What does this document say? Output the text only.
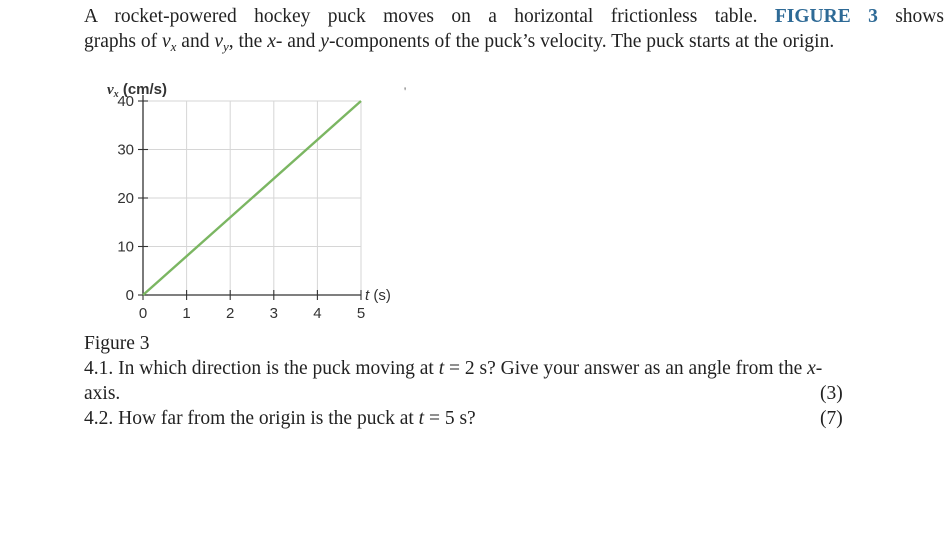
A rocket-powered hockey puck moves on a horizontal frictionless table. FIGURE 3 shows
graphs of $v_x$ and $v_y$, the x- and y-components of the puck’s velocity. The puck starts at the origin.
'
0 1 2 3 4 5
0
10
20
30
40
$v_x$ (cm/s)
t (s)
Figure 3
4.1. In which direction is the puck moving at t = 2 s? Give your answer as an angle from the x-
axis.	(3)
4.2. How far from the origin is the puck at t = 5 s?	(7)
